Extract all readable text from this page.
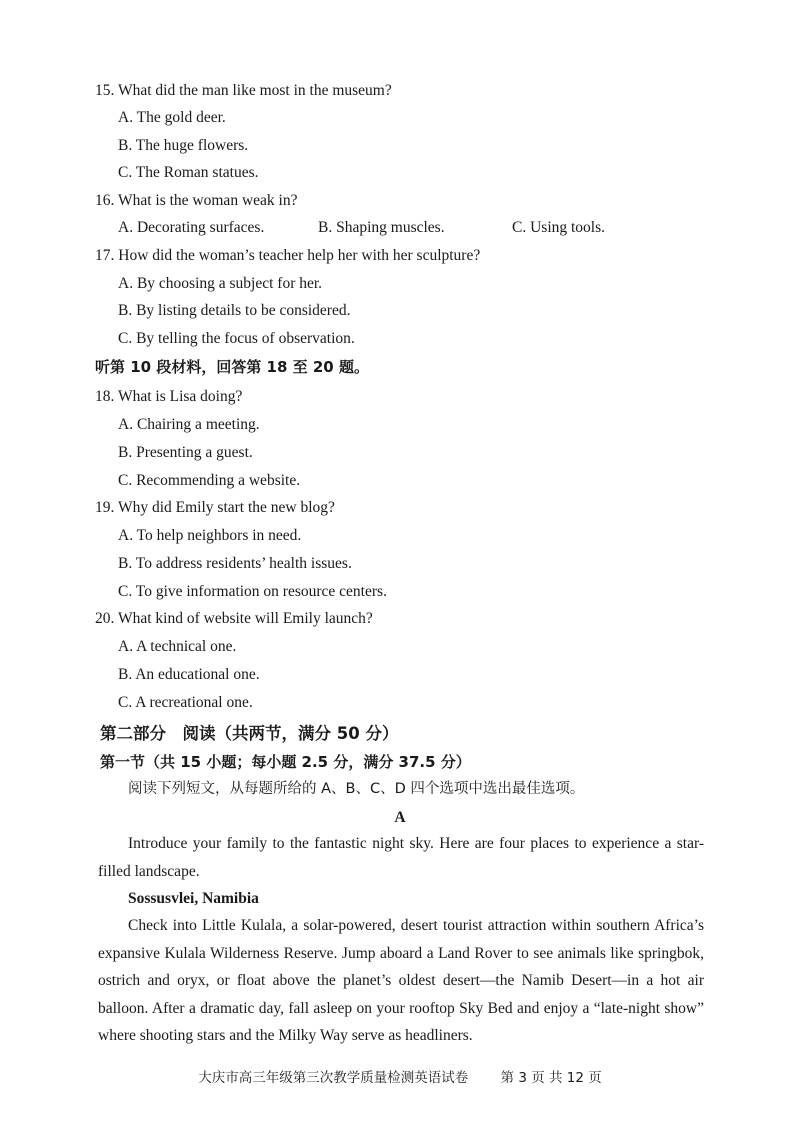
15. What did the man like most in the museum?
A. The gold deer.
B. The huge flowers.
C. The Roman statues.
16. What is the woman weak in?
A. Decorating surfaces.	B. Shaping muscles.	C. Using tools.
17. How did the woman’s teacher help her with her sculpture?
A. By choosing a subject for her.
B. By listing details to be considered.
C. By telling the focus of observation.
听第 10 段材料，回答第 18 至 20 题。
18. What is Lisa doing?
A. Chairing a meeting.
B. Presenting a guest.
C. Recommending a website.
19. Why did Emily start the new blog?
A. To help neighbors in need.
B. To address residents’ health issues.
C. To give information on resource centers.
20. What kind of website will Emily launch?
A. A technical one.
B. An educational one.
C. A recreational one.
第二部分　阅读（共两节，满分 50 分）
第一节（共 15 小题；每小题 2.5 分，满分 37.5 分）
阅读下列短文，从每题所给的 A、B、C、D 四个选项中选出最佳选项。
A

Introduce your family to the fantastic night sky. Here are four places to experience a star-filled landscape.

Sossusvlei, Namibia

Check into Little Kulala, a solar-powered, desert tourist attraction within southern Africa’s expansive Kulala Wilderness Reserve. Jump aboard a Land Rover to see animals like springbok, ostrich and oryx, or float above the planet’s oldest desert—the Namib Desert—in a hot air balloon. After a dramatic day, fall asleep on your rooftop Sky Bed and enjoy a “late-night show” where shooting stars and the Milky Way serve as headliners.

大庆市高三年级第三次教学质量检测英语试卷 第 3 页 共 12 页
